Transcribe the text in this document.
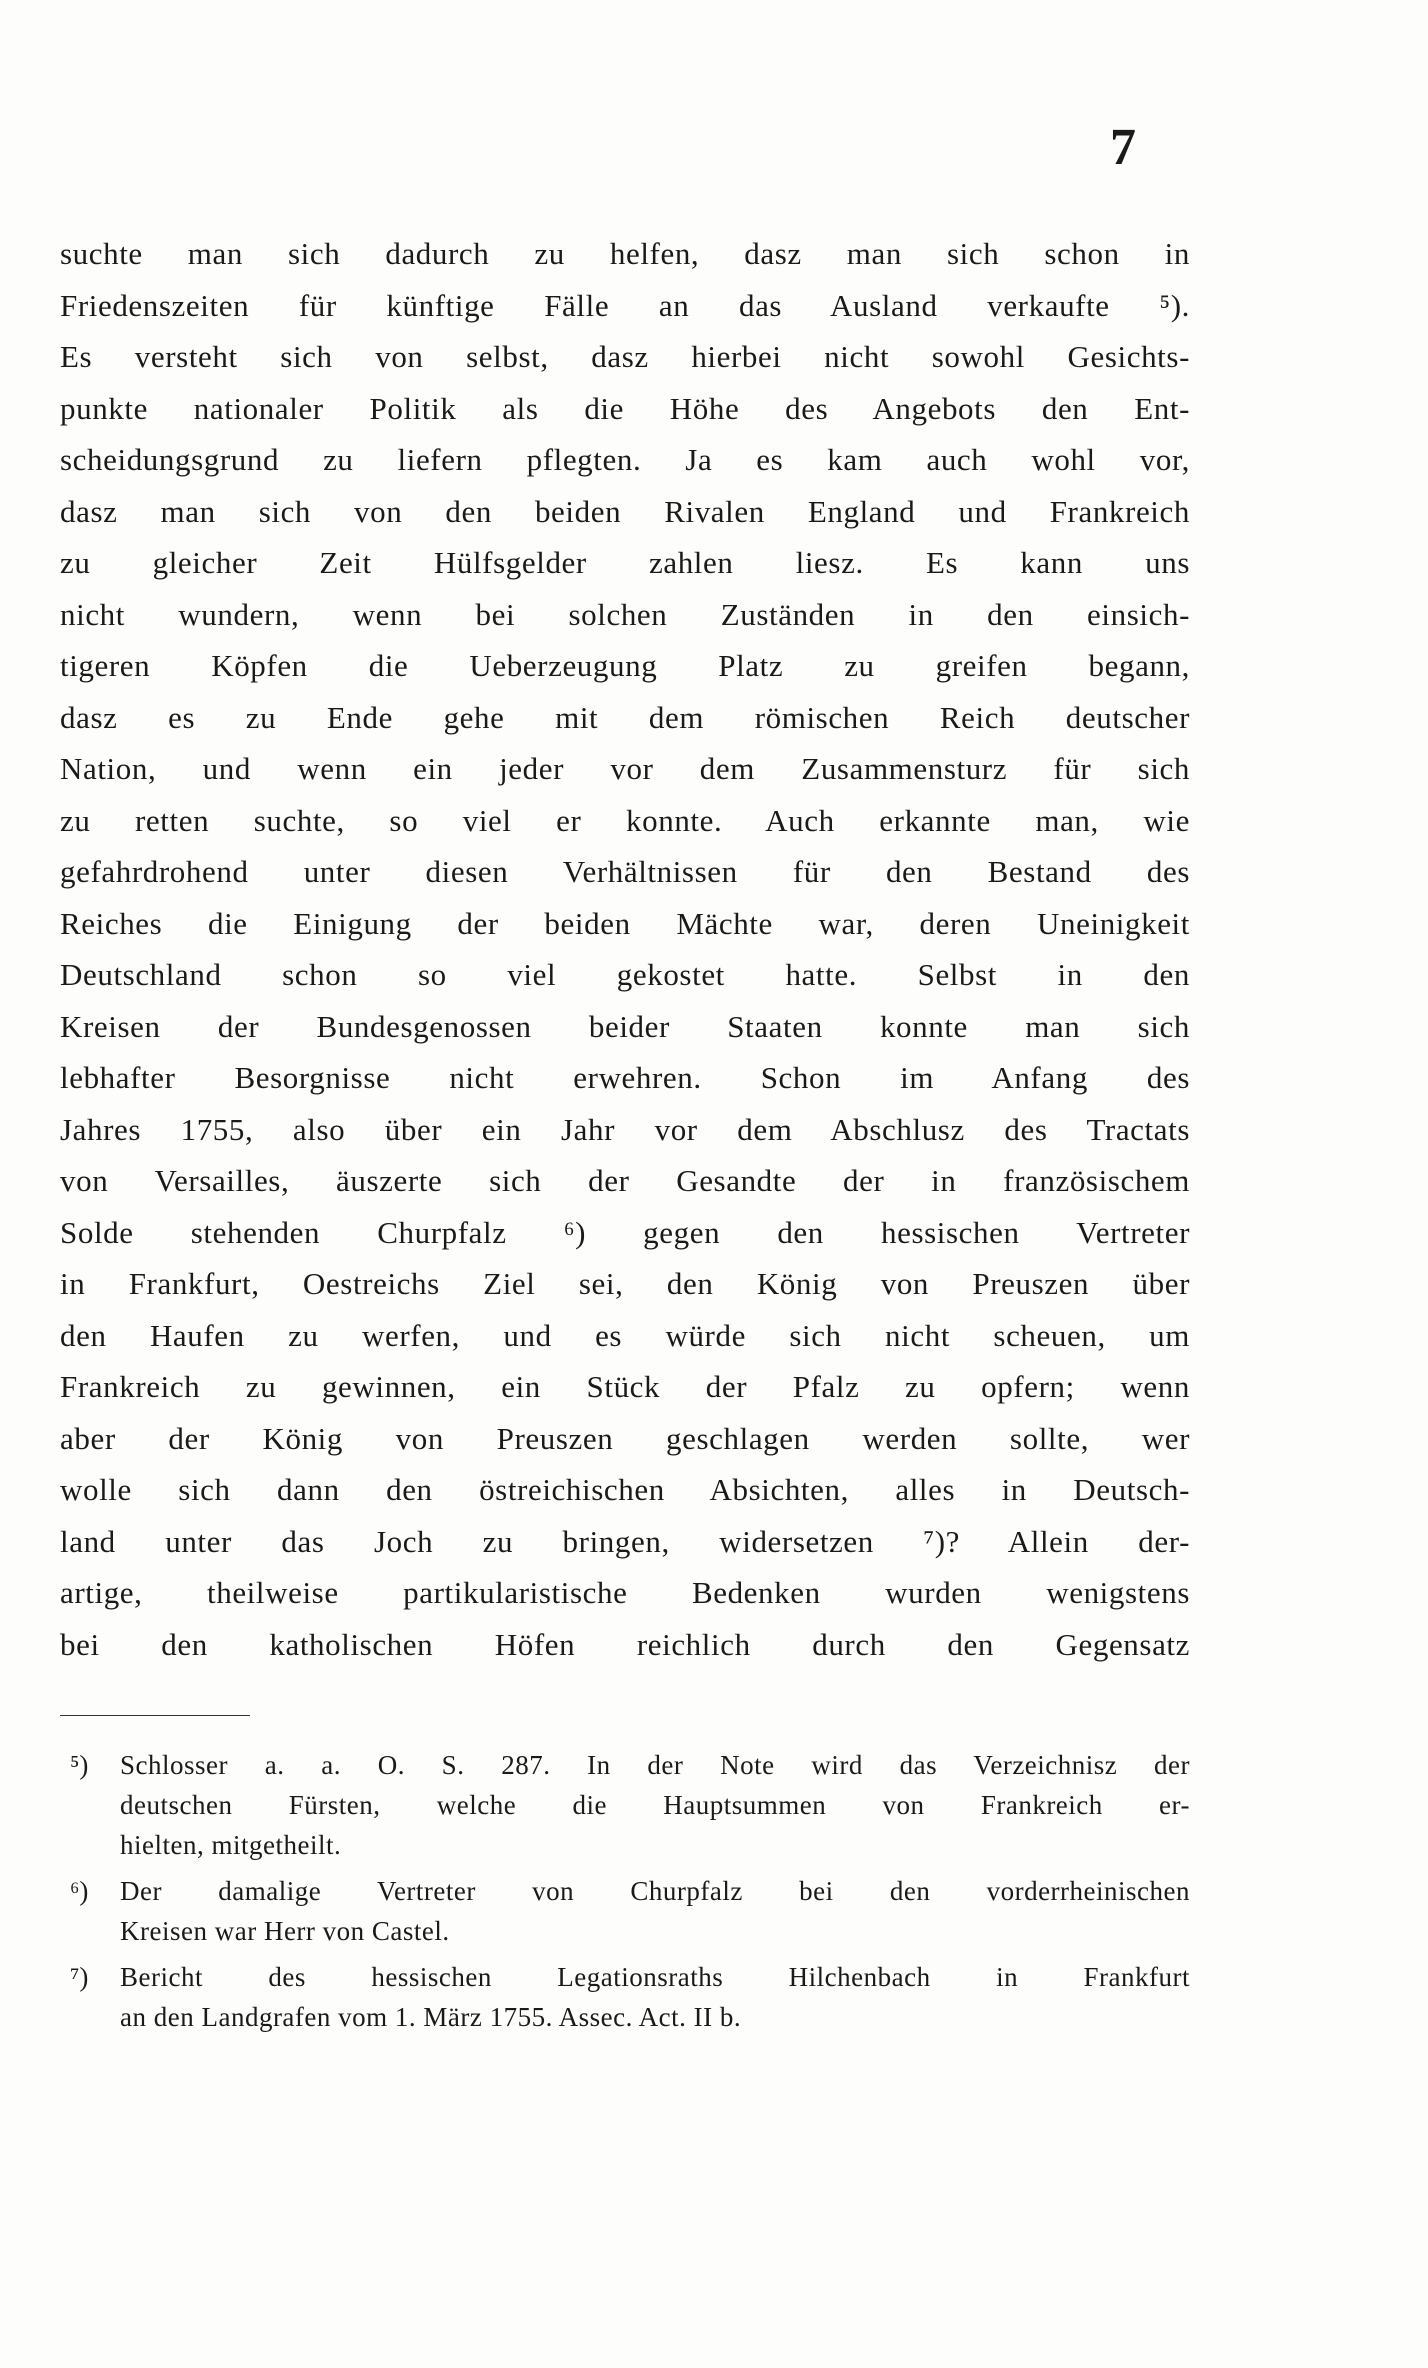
7
suchte man sich dadurch zu helfen, dasz man sich schon in
Friedenszeiten für künftige Fälle an das Ausland verkaufte ⁵).
Es versteht sich von selbst, dasz hierbei nicht sowohl Gesichts-
punkte nationaler Politik als die Höhe des Angebots den Ent-
scheidungsgrund zu liefern pflegten. Ja es kam auch wohl vor,
dasz man sich von den beiden Rivalen England und Frankreich
zu gleicher Zeit Hülfsgelder zahlen liesz. Es kann uns
nicht wundern, wenn bei solchen Zuständen in den einsich-
tigeren Köpfen die Ueberzeugung Platz zu greifen begann,
dasz es zu Ende gehe mit dem römischen Reich deutscher
Nation, und wenn ein jeder vor dem Zusammensturz für sich
zu retten suchte, so viel er konnte. Auch erkannte man, wie
gefahrdrohend unter diesen Verhältnissen für den Bestand des
Reiches die Einigung der beiden Mächte war, deren Uneinigkeit
Deutschland schon so viel gekostet hatte. Selbst in den
Kreisen der Bundesgenossen beider Staaten konnte man sich
lebhafter Besorgnisse nicht erwehren. Schon im Anfang des
Jahres 1755, also über ein Jahr vor dem Abschlusz des Tractats
von Versailles, äuszerte sich der Gesandte der in französischem
Solde stehenden Churpfalz ⁶) gegen den hessischen Vertreter
in Frankfurt, Oestreichs Ziel sei, den König von Preuszen über
den Haufen zu werfen, und es würde sich nicht scheuen, um
Frankreich zu gewinnen, ein Stück der Pfalz zu opfern; wenn
aber der König von Preuszen geschlagen werden sollte, wer
wolle sich dann den östreichischen Absichten, alles in Deutsch-
land unter das Joch zu bringen, widersetzen ⁷)? Allein der-
artige, theilweise partikularistische Bedenken wurden wenigstens
bei den katholischen Höfen reichlich durch den Gegensatz
⁵) Schlosser a. a. O. S. 287. In der Note wird das Verzeichnisz der
deutschen Fürsten, welche die Hauptsummen von Frankreich er-
hielten, mitgetheilt.
⁶) Der damalige Vertreter von Churpfalz bei den vorderrheinischen
Kreisen war Herr von Castel.
⁷) Bericht des hessischen Legationsraths Hilchenbach in Frankfurt
an den Landgrafen vom 1. März 1755. Assec. Act. II b.
